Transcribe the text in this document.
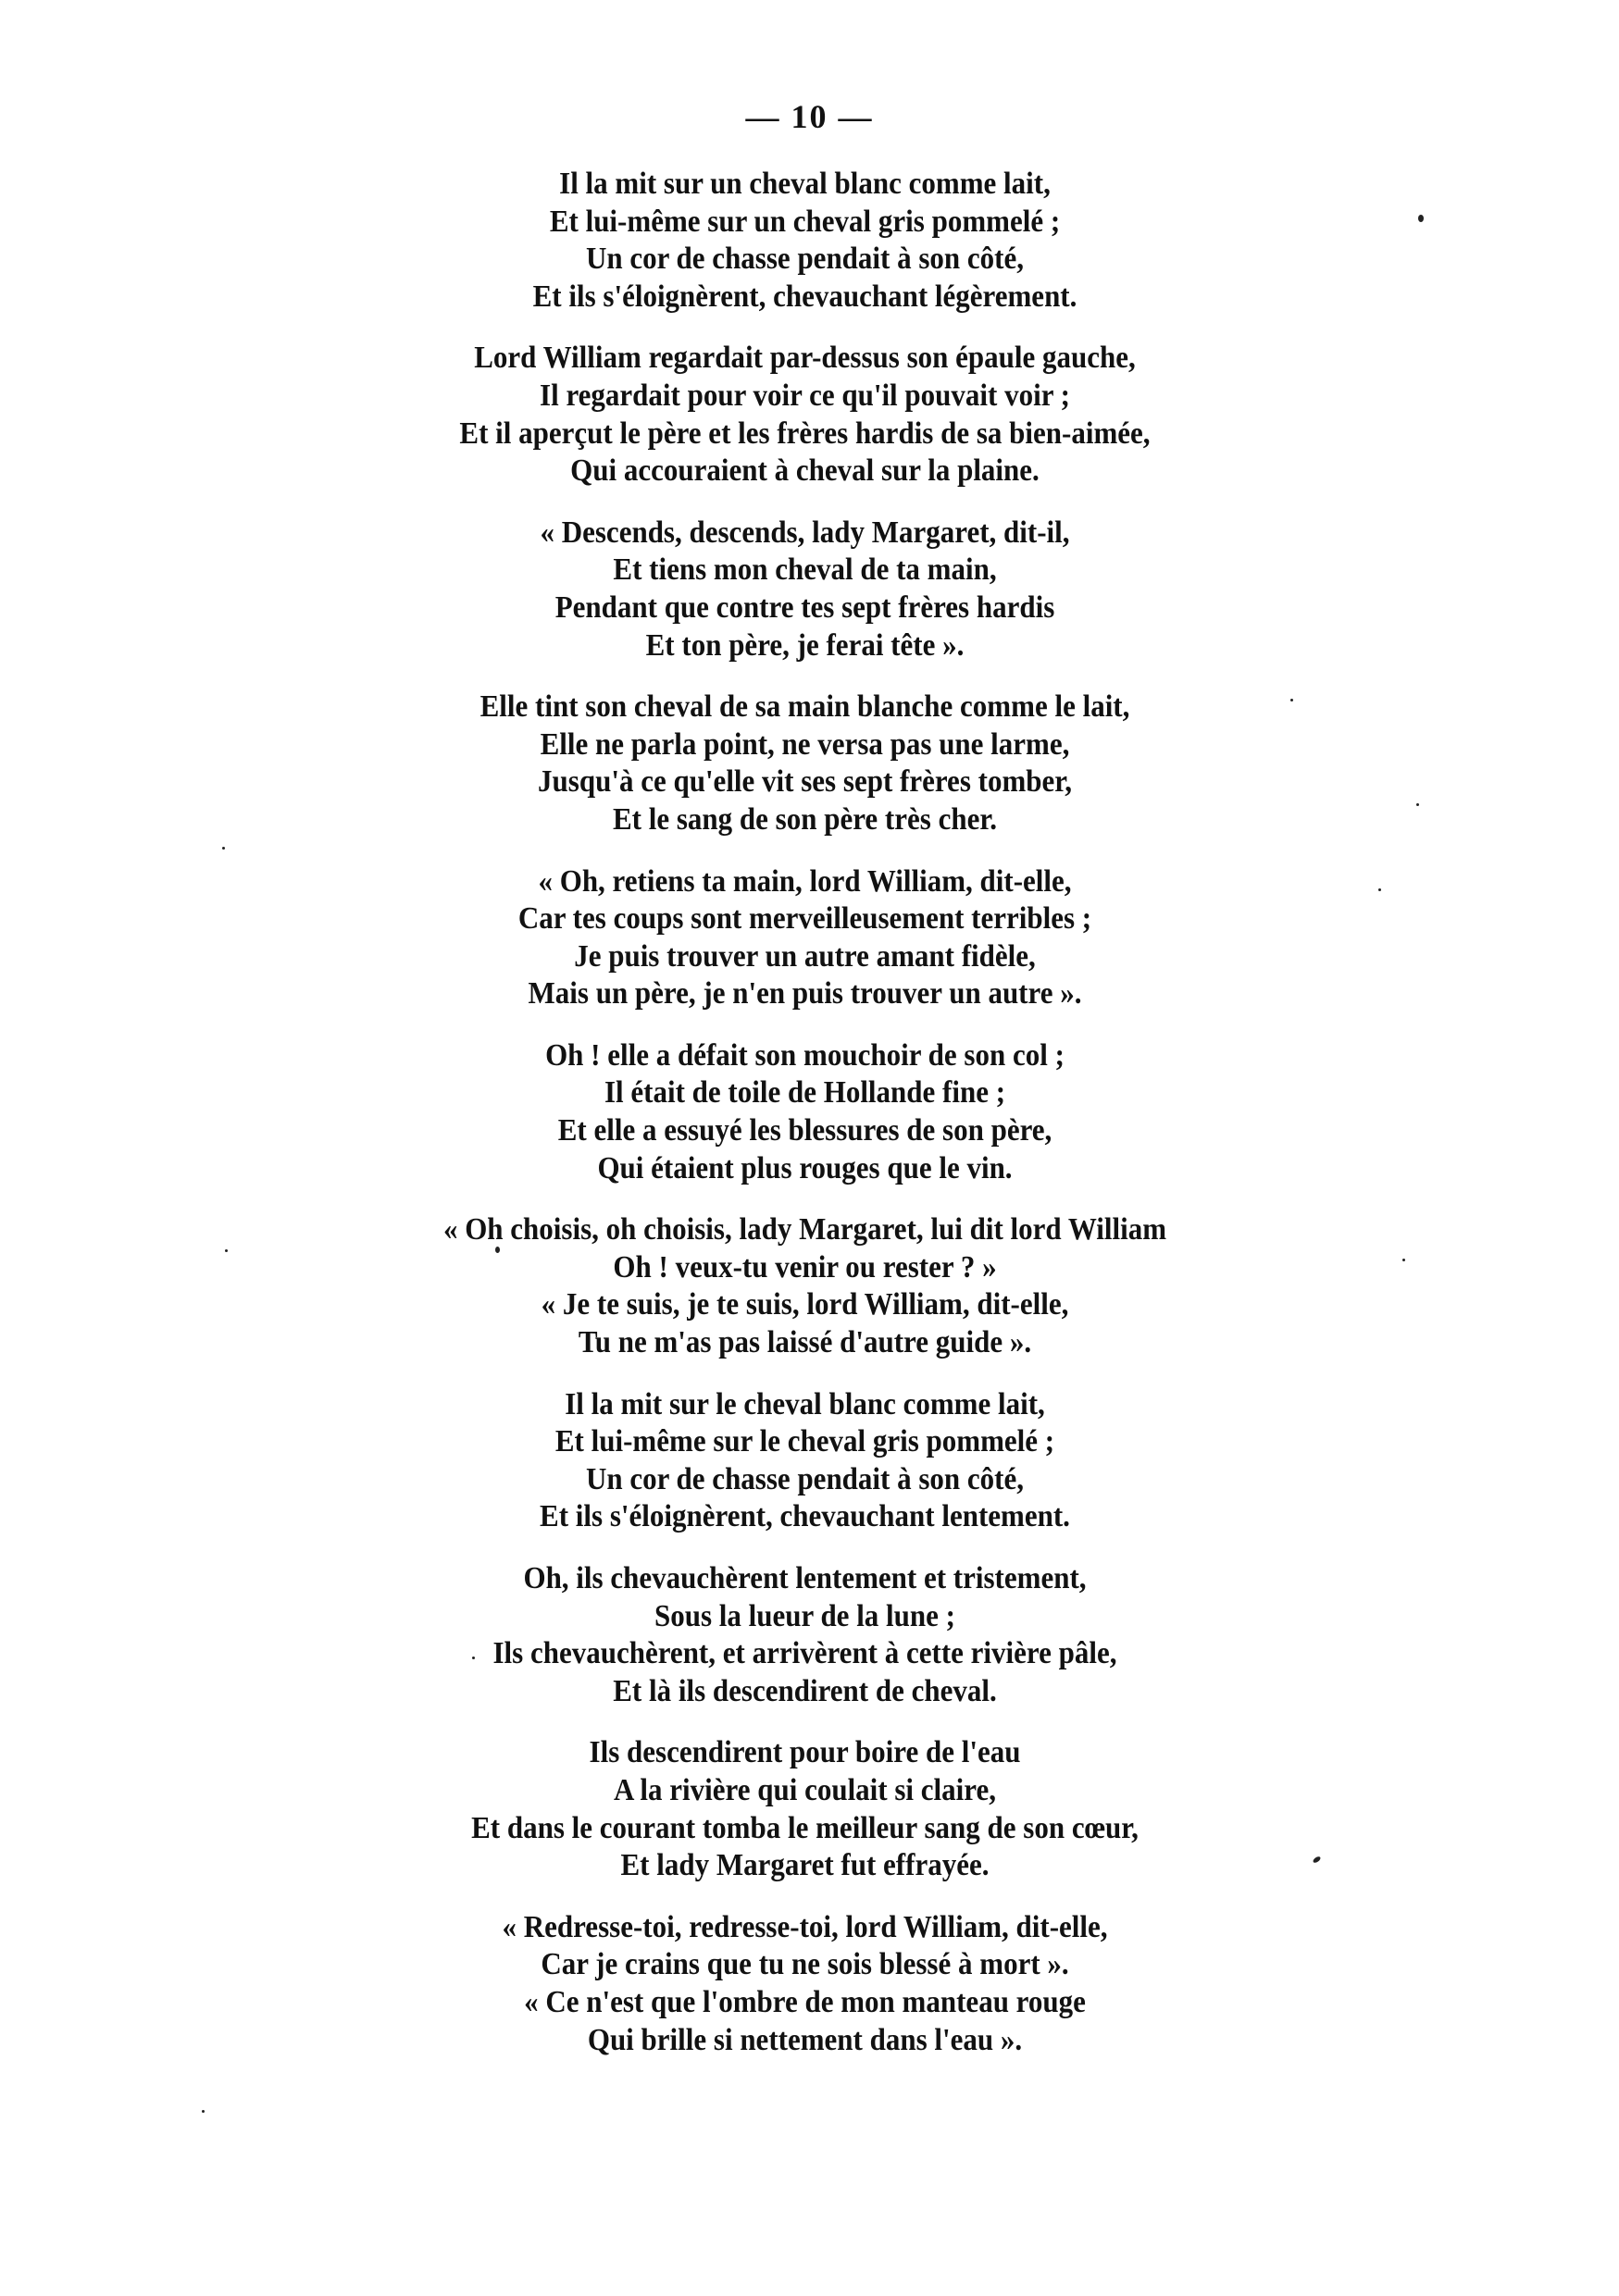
— 10 —
Il la mit sur un cheval blanc comme lait,
Et lui-même sur un cheval gris pommelé ;
Un cor de chasse pendait à son côté,
Et ils s'éloignèrent, chevauchant légèrement.
Lord William regardait par-dessus son épaule gauche,
Il regardait pour voir ce qu'il pouvait voir ;
Et il aperçut le père et les frères hardis de sa bien-aimée,
Qui accouraient à cheval sur la plaine.
« Descends, descends, lady Margaret, dit-il,
Et tiens mon cheval de ta main,
Pendant que contre tes sept frères hardis
Et ton père, je ferai tête ».
Elle tint son cheval de sa main blanche comme le lait,
Elle ne parla point, ne versa pas une larme,
Jusqu'à ce qu'elle vit ses sept frères tomber,
Et le sang de son père très cher.
« Oh, retiens ta main, lord William, dit-elle,
Car tes coups sont merveilleusement terribles ;
Je puis trouver un autre amant fidèle,
Mais un père, je n'en puis trouver un autre ».
Oh ! elle a défait son mouchoir de son col ;
Il était de toile de Hollande fine ;
Et elle a essuyé les blessures de son père,
Qui étaient plus rouges que le vin.
« Oh choisis, oh choisis, lady Margaret, lui dit lord William
Oh ! veux-tu venir ou rester ? »
« Je te suis, je te suis, lord William, dit-elle,
Tu ne m'as pas laissé d'autre guide ».
Il la mit sur le cheval blanc comme lait,
Et lui-même sur le cheval gris pommelé ;
Un cor de chasse pendait à son côté,
Et ils s'éloignèrent, chevauchant lentement.
Oh, ils chevauchèrent lentement et tristement,
Sous la lueur de la lune ;
Ils chevauchèrent, et arrivèrent à cette rivière pâle,
Et là ils descendirent de cheval.
Ils descendirent pour boire de l'eau
A la rivière qui coulait si claire,
Et dans le courant tomba le meilleur sang de son cœur,
Et lady Margaret fut effrayée.
« Redresse-toi, redresse-toi, lord William, dit-elle,
Car je crains que tu ne sois blessé à mort ».
« Ce n'est que l'ombre de mon manteau rouge
Qui brille si nettement dans l'eau ».
